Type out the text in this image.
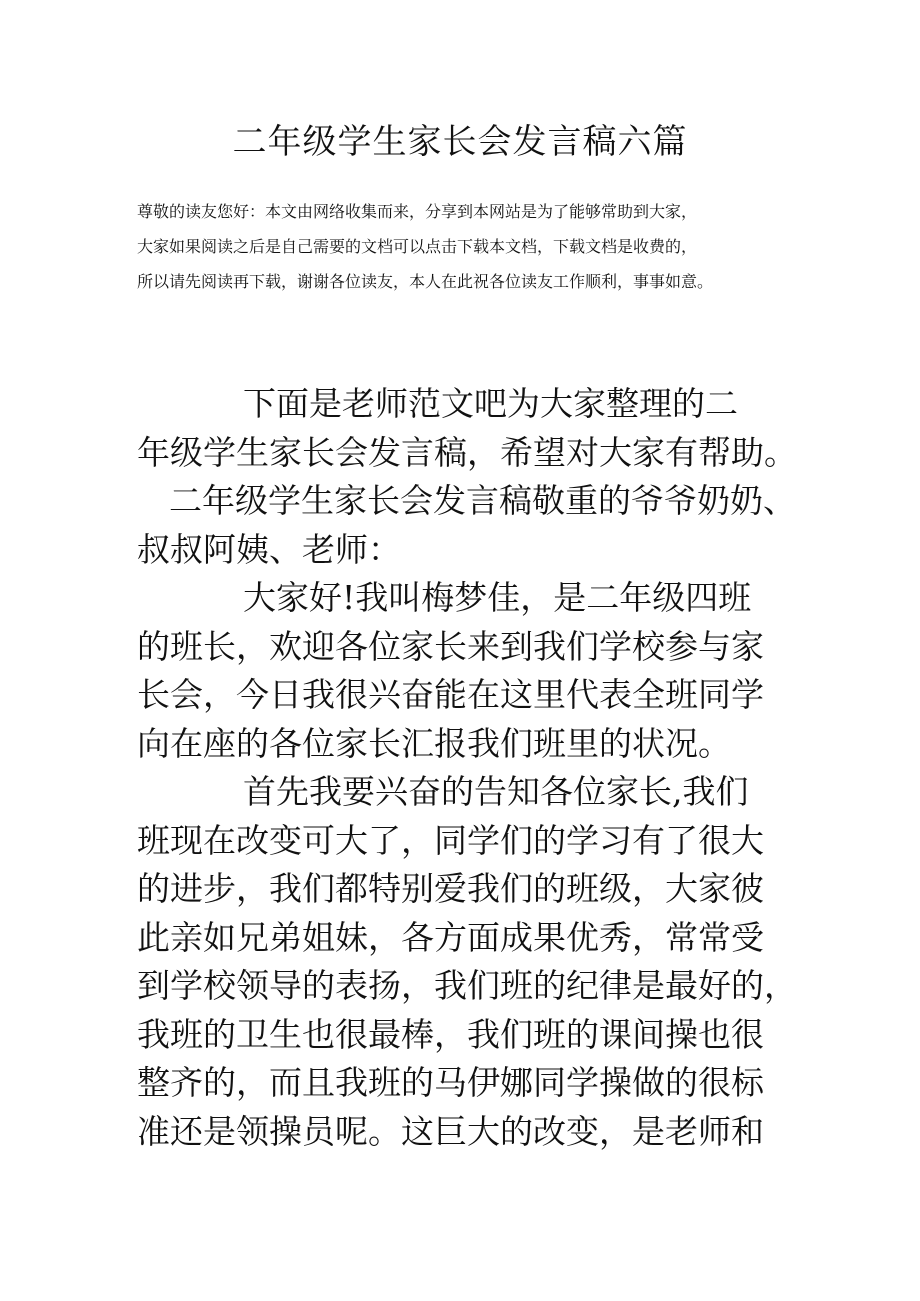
二年级学生家长会发言稿六篇
尊敬的读友您好：本文由网络收集而来，分享到本网站是为了能够常助到大家，
大家如果阅读之后是自己需要的文档可以点击下载本文档，下载文档是收费的，
所以请先阅读再下载，谢谢各位读友，本人在此祝各位读友工作顺利，事事如意。
下面是老师范文吧为大家整理的二
年级学生家长会发言稿，希望对大家有帮助。
二年级学生家长会发言稿敬重的爷爷奶奶、
叔叔阿姨、老师：
大家好!我叫梅梦佳，是二年级四班
的班长，欢迎各位家长来到我们学校参与家
长会，今日我很兴奋能在这里代表全班同学
向在座的各位家长汇报我们班里的状况。
首先我要兴奋的告知各位家长,我们
班现在改变可大了，同学们的学习有了很大
的进步，我们都特别爱我们的班级，大家彼
此亲如兄弟姐妹，各方面成果优秀，常常受
到学校领导的表扬，我们班的纪律是最好的，
我班的卫生也很最棒，我们班的课间操也很
整齐的，而且我班的马伊娜同学操做的很标
准还是领操员呢。这巨大的改变，是老师和
